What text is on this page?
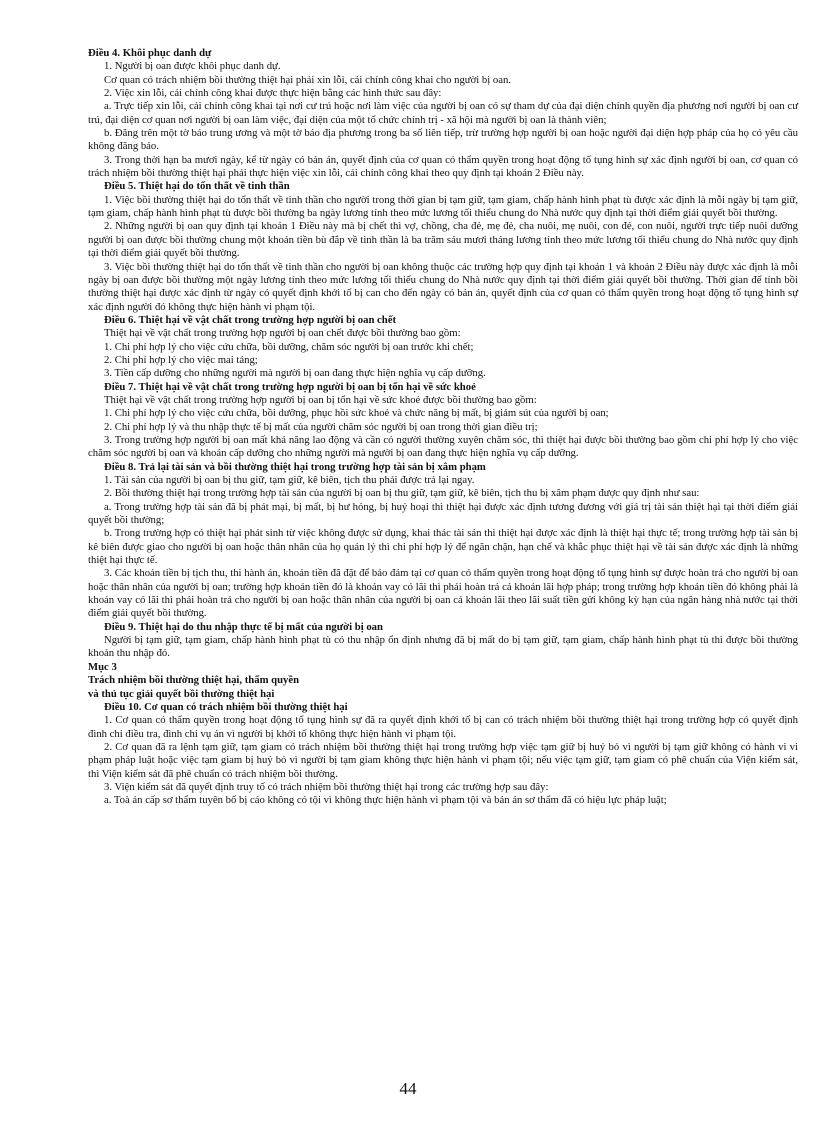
Điều 4. Khôi phục danh dự

1. Người bị oan được khôi phục danh dự.

Cơ quan có trách nhiệm bồi thường thiệt hại phải xin lỗi, cải chính công khai cho người bị oan.

2. Việc xin lỗi, cải chính công khai được thực hiện bằng các hình thức sau đây:

a. Trực tiếp xin lỗi, cải chính công khai tại nơi cư trú hoặc nơi làm việc của người bị oan có sự tham dự của đại diện chính quyền địa phương nơi người bị oan cư trú, đại diện cơ quan nơi người bị oan làm việc, đại diện của một tổ chức chính trị - xã hội mà người bị oan là thành viên;

b. Đăng trên một tờ báo trung ương và một tờ báo địa phương trong ba số liên tiếp, trừ trường hợp người bị oan hoặc người đại diện hợp pháp của họ có yêu cầu không đăng báo.

3. Trong thời hạn ba mươi ngày, kể từ ngày có bản án, quyết định của cơ quan có thẩm quyền trong hoạt động tố tụng hình sự xác định người bị oan, cơ quan có trách nhiệm bồi thường thiệt hại phải thực hiện việc xin lỗi, cải chính công khai theo quy định tại khoản 2 Điều này.

Điều 5. Thiệt hại do tổn thất về tinh thần

1. Việc bồi thường thiệt hại do tổn thất về tinh thần cho người trong thời gian bị tạm giữ, tạm giam, chấp hành hình phạt tù được xác định là mỗi ngày bị tạm giữ, tạm giam, chấp hành hình phạt tù được bồi thường ba ngày lương tính theo mức lương tối thiểu chung do Nhà nước quy định tại thời điểm giải quyết bồi thường.

2. Những người bị oan quy định tại khoản 1 Điều này mà bị chết thì vợ, chồng, cha đẻ, mẹ đẻ, cha nuôi, mẹ nuôi, con đẻ, con nuôi, người trực tiếp nuôi dưỡng người bị oan được bồi thường chung một khoản tiền bù đắp về tinh thần là ba trăm sáu mươi tháng lương tính theo mức lương tối thiểu chung do Nhà nước quy định tại thời điểm giải quyết bồi thường.

3. Việc bồi thường thiệt hại do tổn thất về tinh thần cho người bị oan không thuộc các trường hợp quy định tại khoản 1 và khoản 2 Điều này được xác định là mỗi ngày bị oan được bồi thường một ngày lương tính theo mức lương tối thiểu chung do Nhà nước quy định tại thời điểm giải quyết bồi thường. Thời gian để tính bồi thường thiệt hại được xác định từ ngày có quyết định khởi tố bị can cho đến ngày có bản án, quyết định của cơ quan có thẩm quyền trong hoạt động tố tụng hình sự xác định người đó không thực hiện hành vi phạm tội.

Điều 6. Thiệt hại về vật chất trong trường hợp người bị oan chết

Thiệt hại về vật chất trong trường hợp người bị oan chết được bồi thường bao gồm:

1. Chi phí hợp lý cho việc cứu chữa, bồi dưỡng, chăm sóc người bị oan trước khi chết;

2. Chi phí hợp lý cho việc mai táng;

3. Tiền cấp dưỡng cho những người mà người bị oan đang thực hiện nghĩa vụ cấp dưỡng.

Điều 7. Thiệt hại về vật chất trong trường hợp người bị oan bị tổn hại về sức khoẻ

Thiệt hại về vật chất trong trường hợp người bị oan bị tổn hại về sức khoẻ được bồi thường bao gồm:

1. Chi phí hợp lý cho việc cứu chữa, bồi dưỡng, phục hồi sức khoẻ và chức năng bị mất, bị giảm sút của người bị oan;

2. Chi phí hợp lý và thu nhập thực tế bị mất của người chăm sóc người bị oan trong thời gian điều trị;

3. Trong trường hợp người bị oan mất khả năng lao động và cần có người thường xuyên chăm sóc, thì thiệt hại được bồi thường bao gồm chi phí hợp lý cho việc chăm sóc người bị oan và khoản cấp dưỡng cho những người mà người bị oan đang thực hiện nghĩa vụ cấp dưỡng.

Điều 8. Trả lại tài sản và bồi thường thiệt hại trong trường hợp tài sản bị xâm phạm

1. Tài sản của người bị oan bị thu giữ, tạm giữ, kê biên, tịch thu phải được trả lại ngay.

2. Bồi thường thiệt hại trong trường hợp tài sản của người bị oan bị thu giữ, tạm giữ, kê biên, tịch thu bị xâm phạm được quy định như sau:

a. Trong trường hợp tài sản đã bị phát mại, bị mất, bị hư hỏng, bị huỷ hoại thì thiệt hại được xác định tương đương với giá trị tài sản thiệt hại tại thời điểm giải quyết bồi thường;

b. Trong trường hợp có thiệt hại phát sinh từ việc không được sử dụng, khai thác tài sản thì thiệt hại được xác định là thiệt hại thực tế; trong trường hợp tài sản bị kê biên được giao cho người bị oan hoặc thân nhân của họ quản lý thì chi phí hợp lý để ngăn chặn, hạn chế và khắc phục thiệt hại về tài sản được xác định là những thiệt hại thực tế.

3. Các khoản tiền bị tịch thu, thi hành án, khoản tiền đã đặt để bảo đảm tại cơ quan có thẩm quyền trong hoạt động tố tụng hình sự được hoàn trả cho người bị oan hoặc thân nhân của người bị oan; trường hợp khoản tiền đó là khoản vay có lãi thì phải hoàn trả cả khoản lãi hợp pháp; trong trường hợp khoản tiền đó không phải là khoản vay có lãi thì phải hoàn trả cho người bị oan hoặc thân nhân của người bị oan cả khoản lãi theo lãi suất tiền gửi không kỳ hạn của ngân hàng nhà nước tại thời điểm giải quyết bồi thường.

Điều 9. Thiệt hại do thu nhập thực tế bị mất của người bị oan

Người bị tạm giữ, tạm giam, chấp hành hình phạt tù có thu nhập ổn định nhưng đã bị mất do bị tạm giữ, tạm giam, chấp hành hình phạt tù thì được bồi thường khoản thu nhập đó.

Mục 3

Trách nhiệm bồi thường thiệt hại, thẩm quyền

và thủ tục giải quyết bồi thường thiệt hại

Điều 10. Cơ quan có trách nhiệm bồi thường thiệt hại

1. Cơ quan có thẩm quyền trong hoạt động tố tụng hình sự đã ra quyết định khởi tố bị can có trách nhiệm bồi thường thiệt hại trong trường hợp có quyết định đình chỉ điều tra, đình chỉ vụ án vì người bị khởi tố không thực hiện hành vi phạm tội.

2. Cơ quan đã ra lệnh tạm giữ, tạm giam có trách nhiệm bồi thường thiệt hại trong trường hợp việc tạm giữ bị huỷ bỏ vì người bị tạm giữ không có hành vi vi phạm pháp luật hoặc việc tạm giam bị huỷ bỏ vì người bị tạm giam không thực hiện hành vi phạm tội; nếu việc tạm giữ, tạm giam có phê chuẩn của Viện kiểm sát, thì Viện kiểm sát đã phê chuẩn có trách nhiệm bồi thường.

3. Viện kiểm sát đã quyết định truy tố có trách nhiệm bồi thường thiệt hại trong các trường hợp sau đây:

a. Toà án cấp sơ thẩm tuyên bố bị cáo không có tội vì không thực hiện hành vi phạm tội và bản án sơ thẩm đã có hiệu lực pháp luật;

44
